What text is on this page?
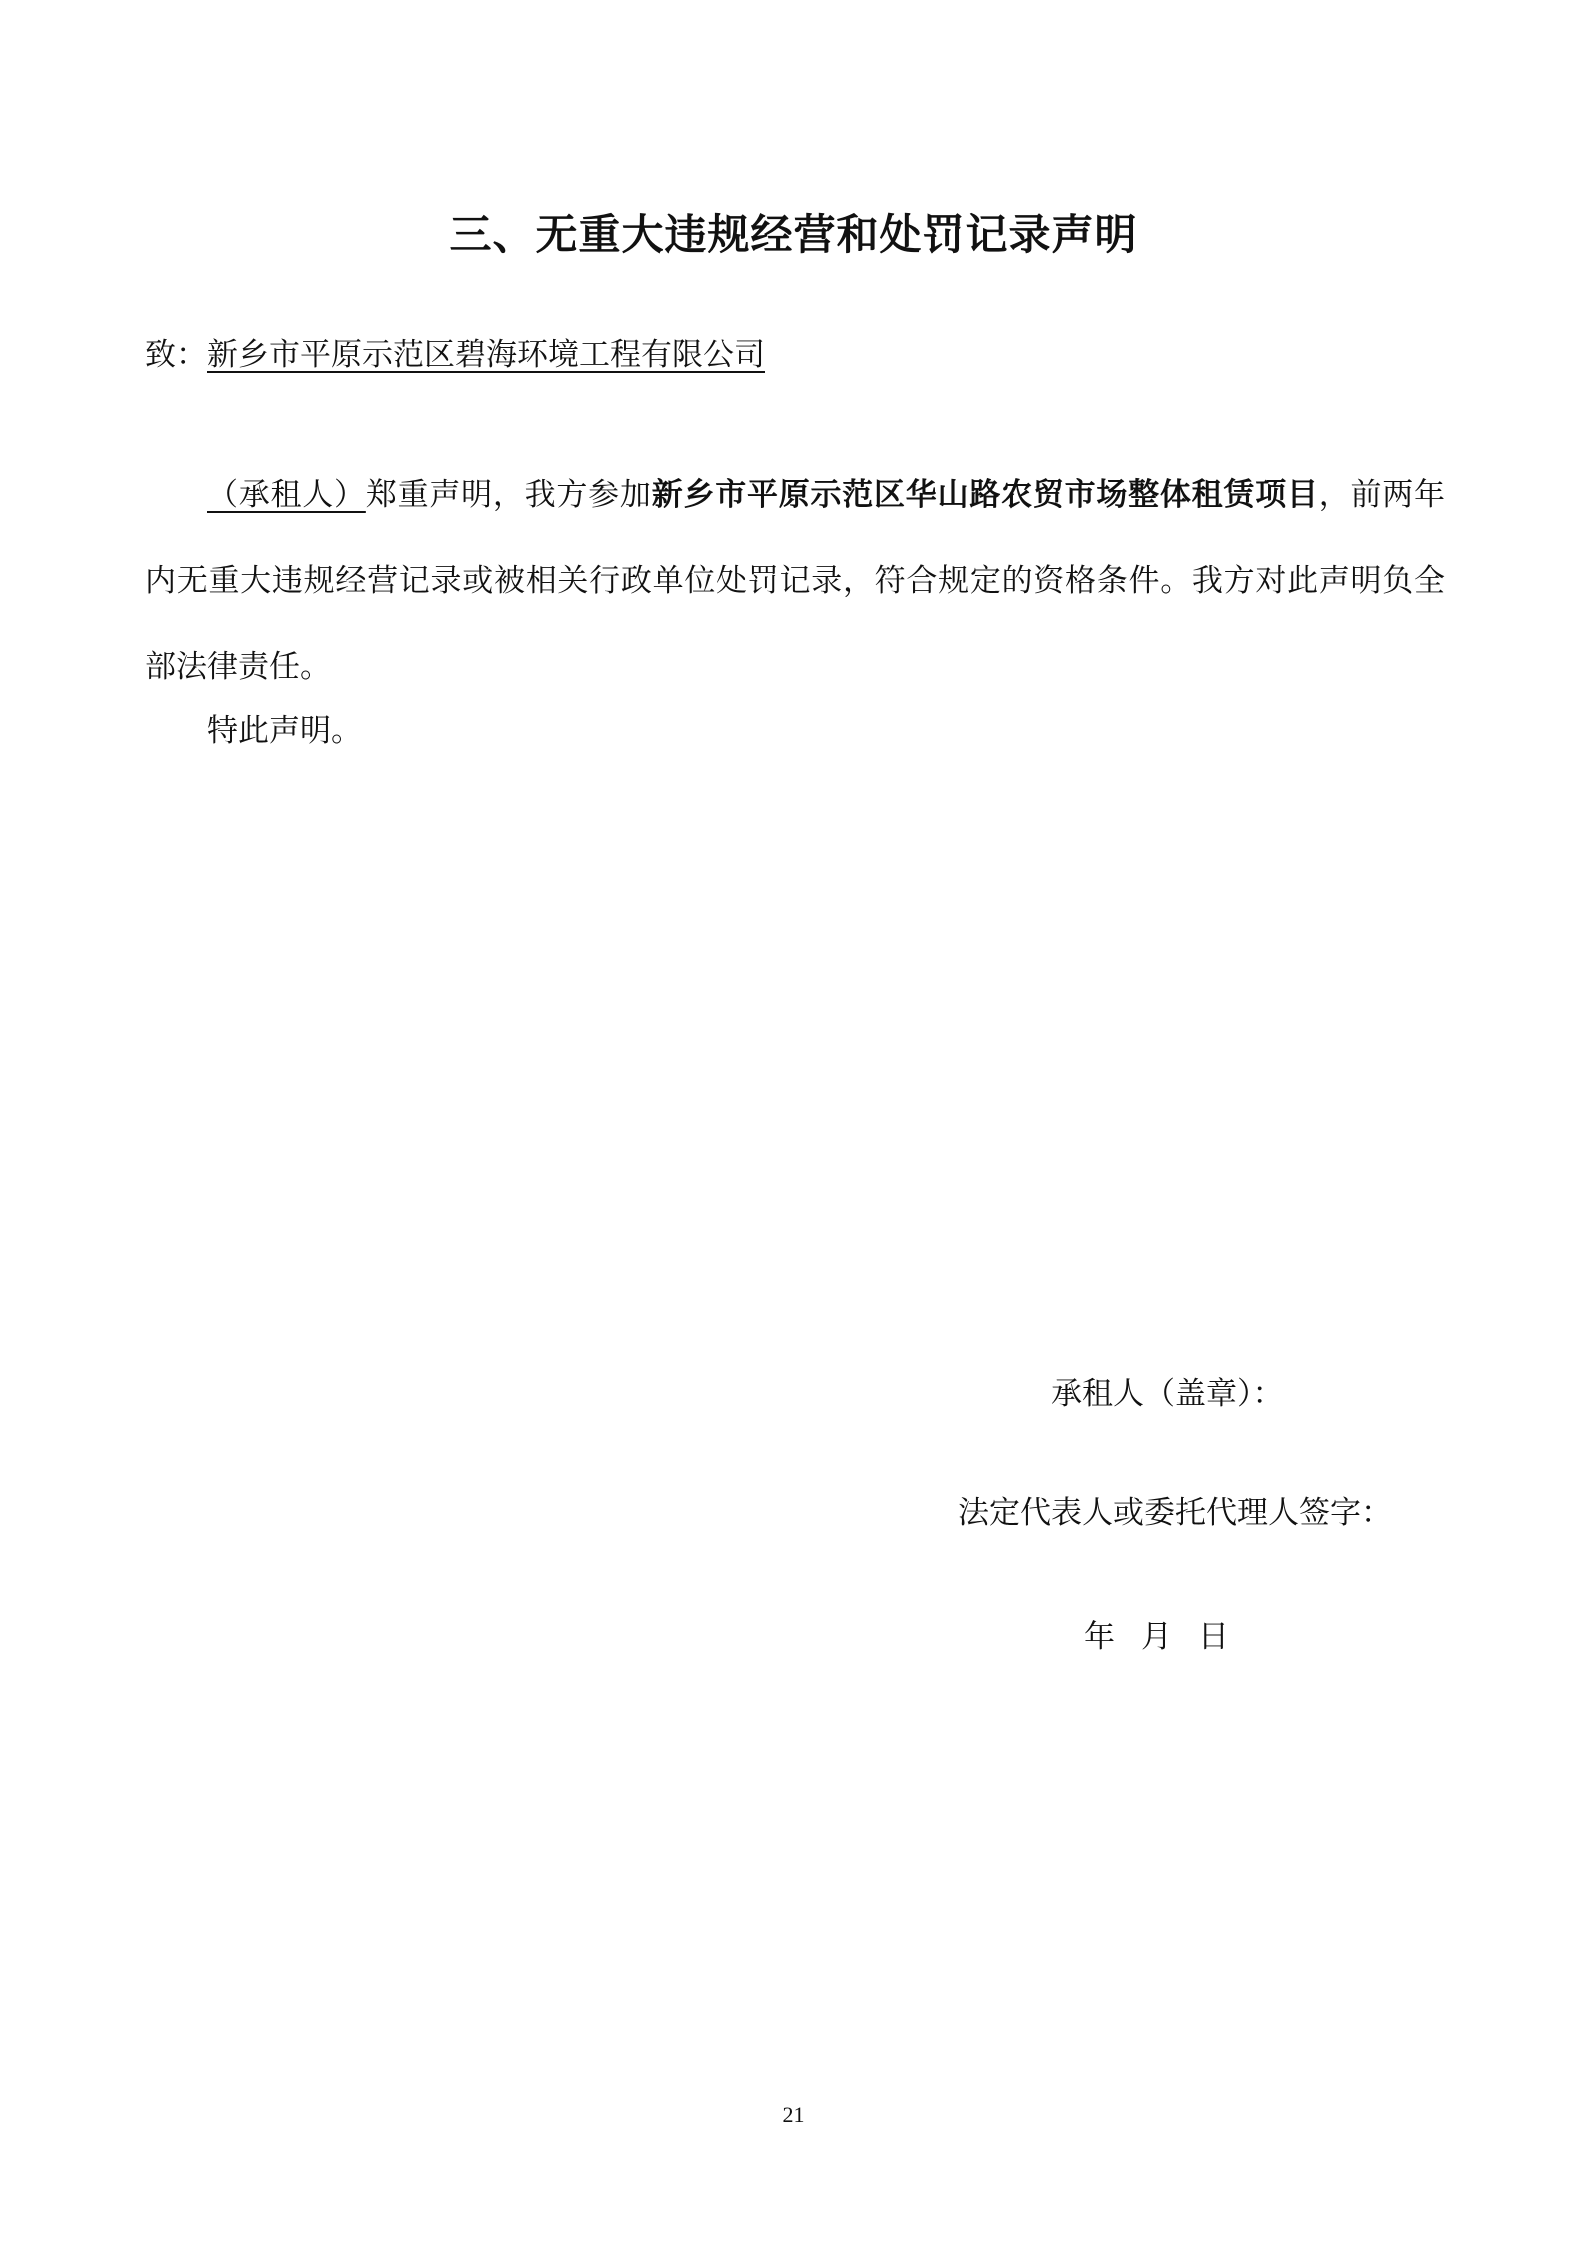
三、无重大违规经营和处罚记录声明
致：新乡市平原示范区碧海环境工程有限公司

（承租人）郑重声明，我方参加新乡市平原示范区华山路农贸市场整体租赁项目，前两年内无重大违规经营记录或被相关行政单位处罚记录，符合规定的资格条件。我方对此声明负全部法律责任。

特此声明。

承租人（盖章）：

法定代表人或委托代理人签字：

年 月 日

21
